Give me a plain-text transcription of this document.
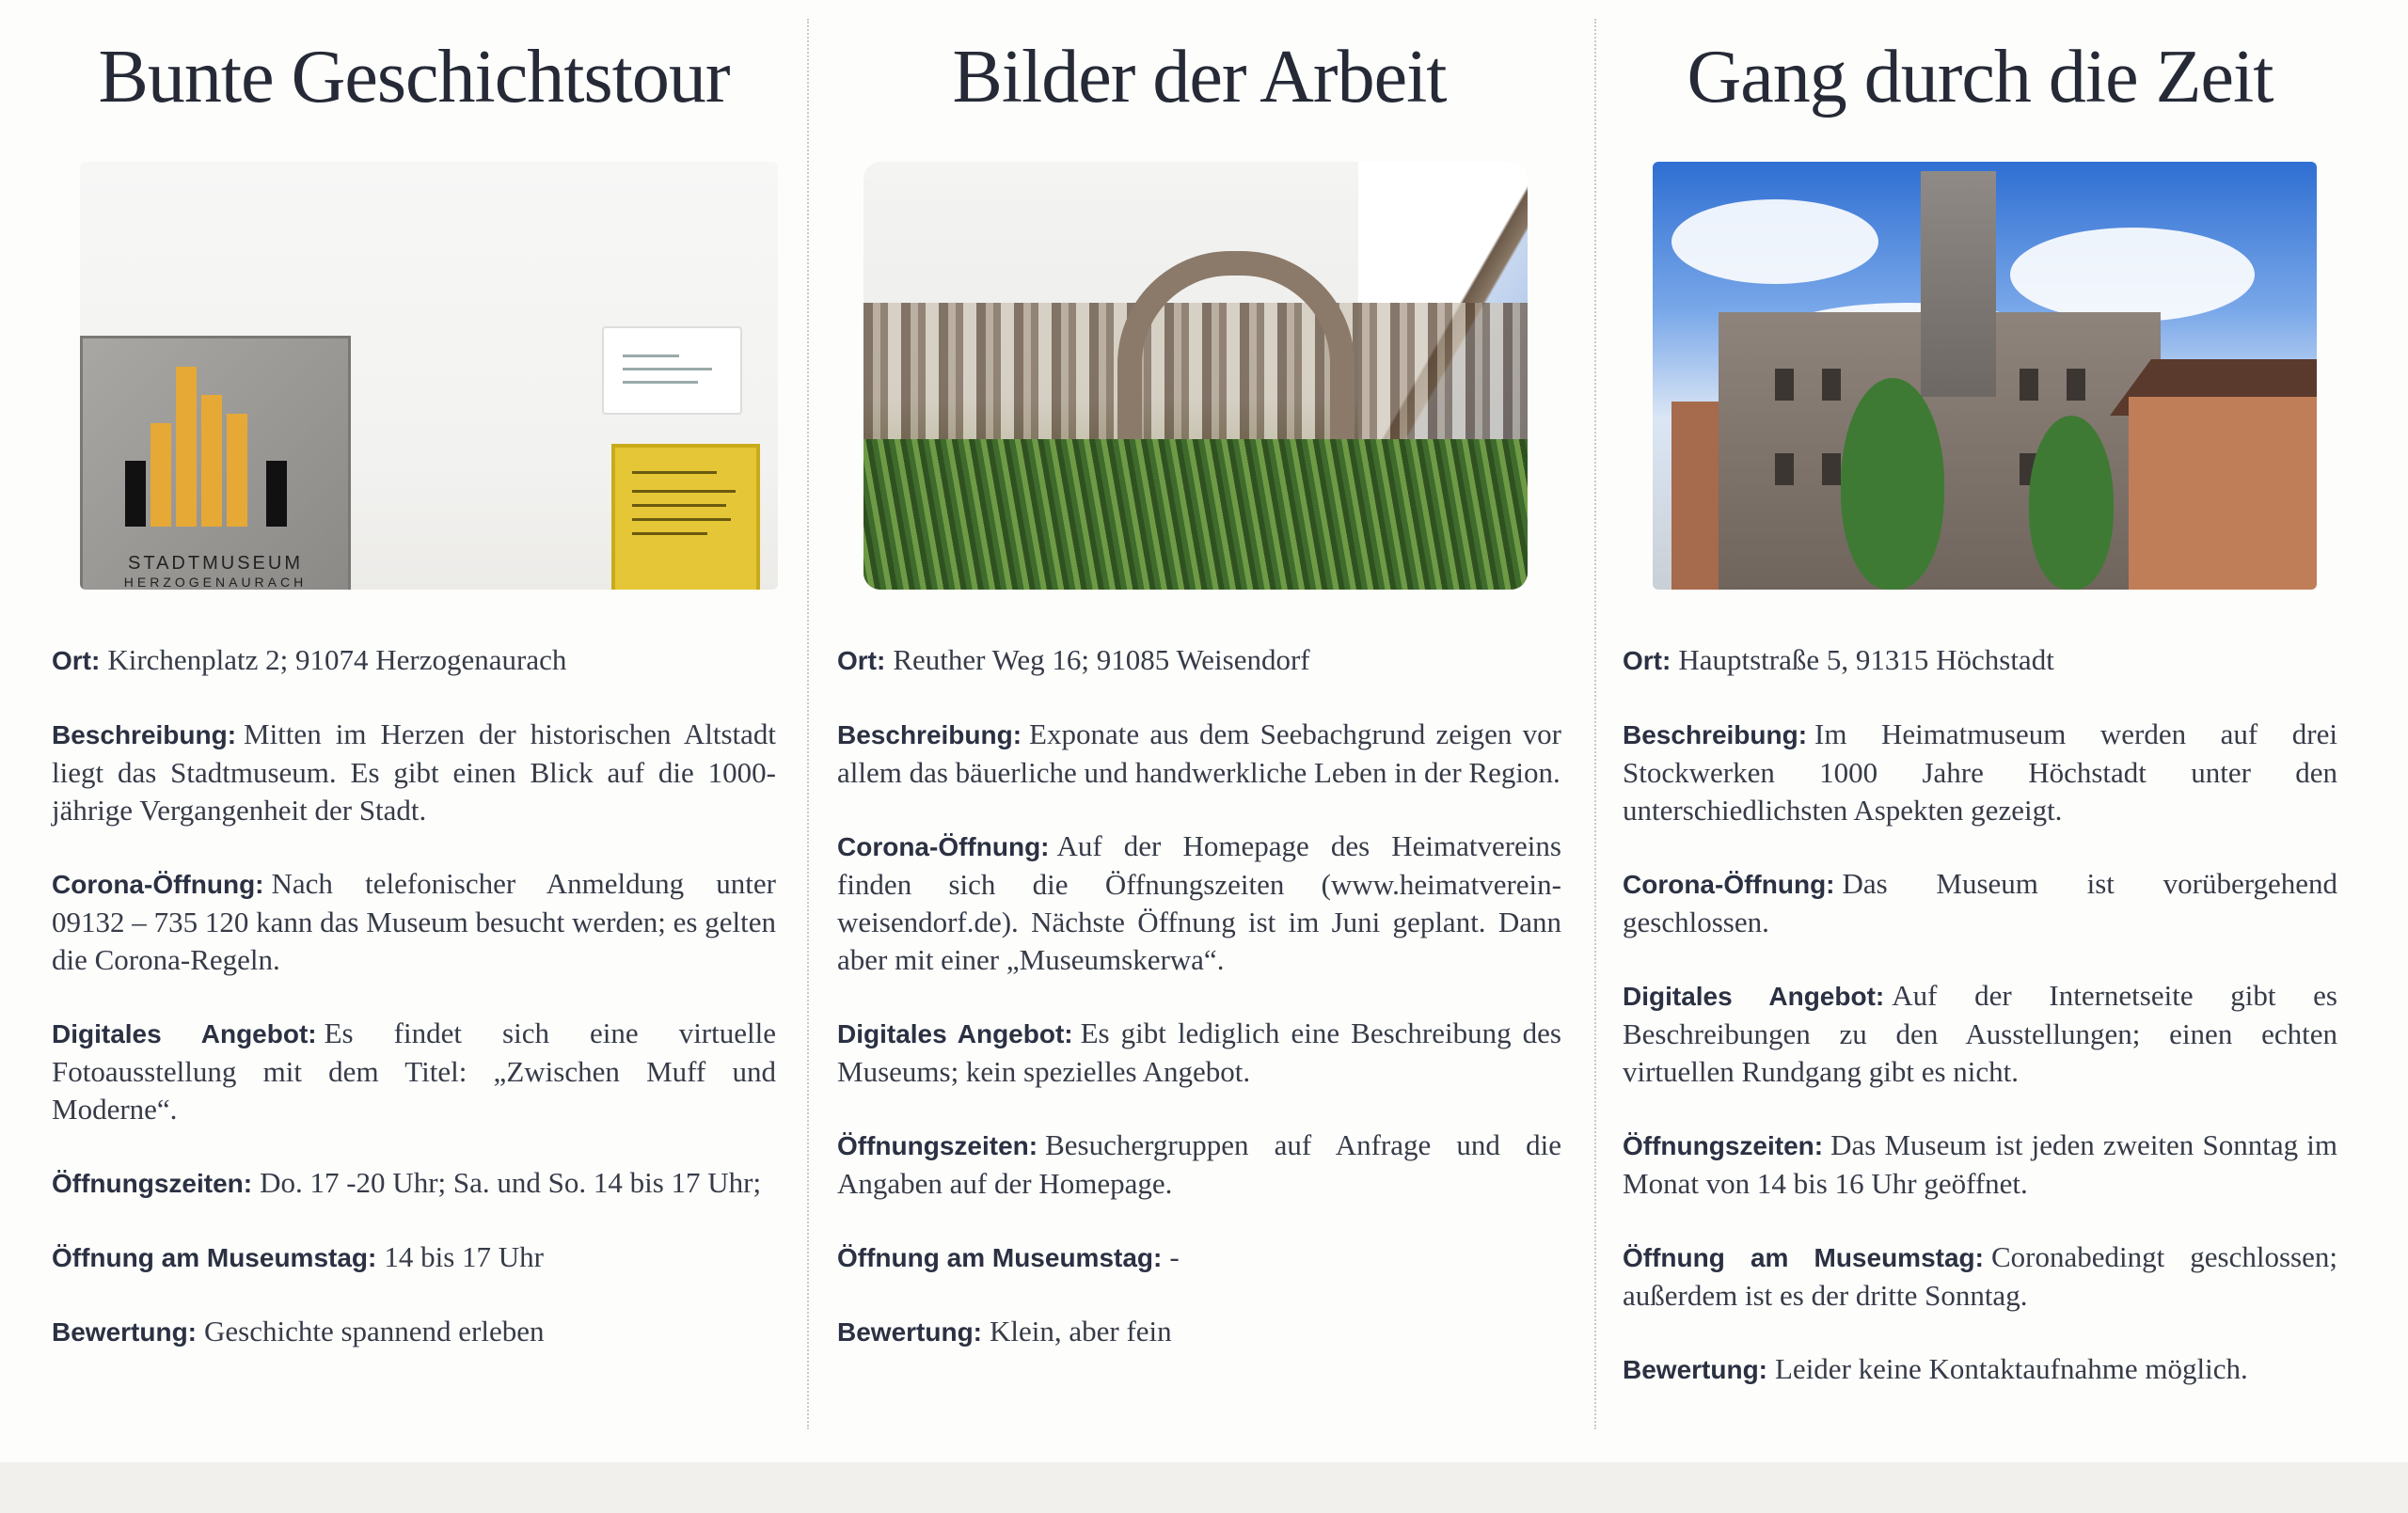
Bunte Geschichtstour
STADTMUSEUM
HERZOGENAURACH

Ort: Kirchenplatz 2; 91074 Herzogenaurach

Beschreibung: Mitten im Herzen der historischen Altstadt liegt das Stadtmuseum. Es gibt einen Blick auf die 1000-jährige Vergangenheit der Stadt.

Corona-Öffnung: Nach telefonischer Anmeldung unter 09132 – 735 120 kann das Museum besucht werden; es gelten die Corona-Regeln.

Digitales Angebot: Es findet sich eine virtuelle Fotoausstellung mit dem Titel: „Zwischen Muff und Moderne“.

Öffnungszeiten: Do. 17 -20 Uhr; Sa. und So. 14 bis 17 Uhr;

Öffnung am Museumstag: 14 bis 17 Uhr

Bewertung: Geschichte spannend erleben

Bilder der Arbeit

Ort: Reuther Weg 16; 91085 Weisendorf

Beschreibung: Exponate aus dem Seebachgrund zeigen vor allem das bäuerliche und handwerkliche Leben in der Region.

Corona-Öffnung: Auf der Homepage des Heimatvereins finden sich die Öffnungszeiten (www.heimatverein-weisendorf.de). Nächste Öffnung ist im Juni geplant. Dann aber mit einer „Museumskerwa“.

Digitales Angebot: Es gibt lediglich eine Beschreibung des Museums; kein spezielles Angebot.

Öffnungszeiten: Besuchergruppen auf Anfrage und die Angaben auf der Homepage.

Öffnung am Museumstag: -

Bewertung: Klein, aber fein

Gang durch die Zeit

Ort: Hauptstraße 5, 91315 Höchstadt

Beschreibung: Im Heimatmuseum werden auf drei Stockwerken 1000 Jahre Höchstadt unter den unterschiedlichsten Aspekten gezeigt.

Corona-Öffnung: Das Museum ist vorübergehend geschlossen.

Digitales Angebot: Auf der Internetseite gibt es Beschreibungen zu den Ausstellungen; einen echten virtuellen Rundgang gibt es nicht.

Öffnungszeiten: Das Museum ist jeden zweiten Sonntag im Monat von 14 bis 16 Uhr geöffnet.

Öffnung am Museumstag: Coronabedingt geschlossen; außerdem ist es der dritte Sonntag.

Bewertung: Leider keine Kontaktaufnahme möglich.
